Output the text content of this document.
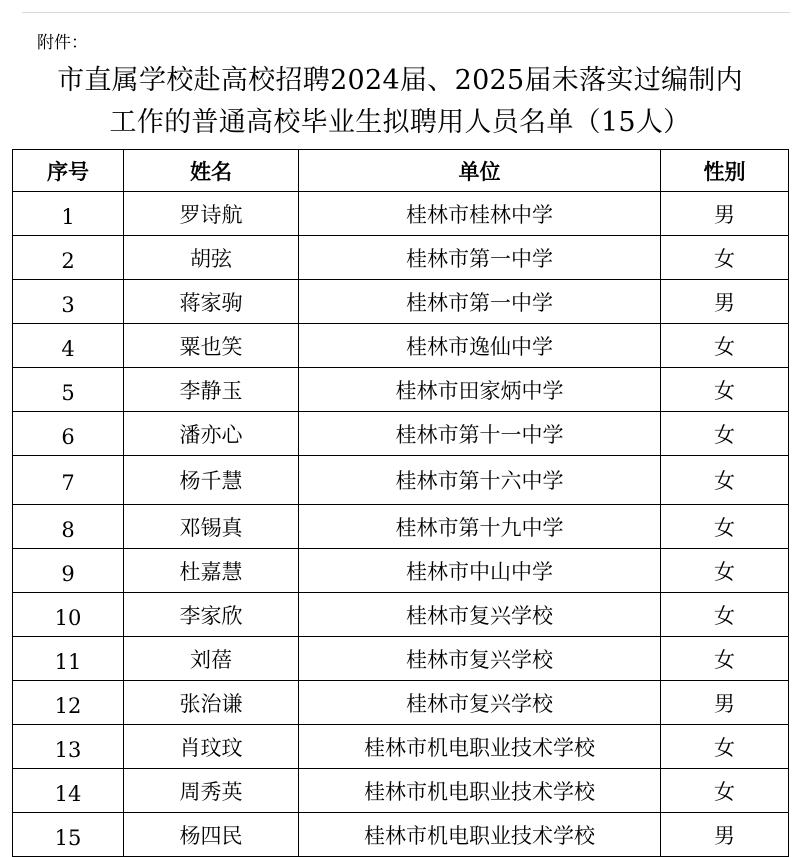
附件：
市直属学校赴高校招聘2024届、2025届未落实过编制内
工作的普通高校毕业生拟聘用人员名单（15人）
序号	姓名	单位	性别
1	罗诗航	桂林市桂林中学	男
2	胡弦	桂林市第一中学	女
3	蒋家驹	桂林市第一中学	男
4	粟也笑	桂林市逸仙中学	女
5	李静玉	桂林市田家炳中学	女
6	潘亦心	桂林市第十一中学	女
7	杨千慧	桂林市第十六中学	女
8	邓锡真	桂林市第十九中学	女
9	杜嘉慧	桂林市中山中学	女
10	李家欣	桂林市复兴学校	女
11	刘蓓	桂林市复兴学校	女
12	张治谦	桂林市复兴学校	男
13	肖玟玟	桂林市机电职业技术学校	女
14	周秀英	桂林市机电职业技术学校	女
15	杨四民	桂林市机电职业技术学校	男
